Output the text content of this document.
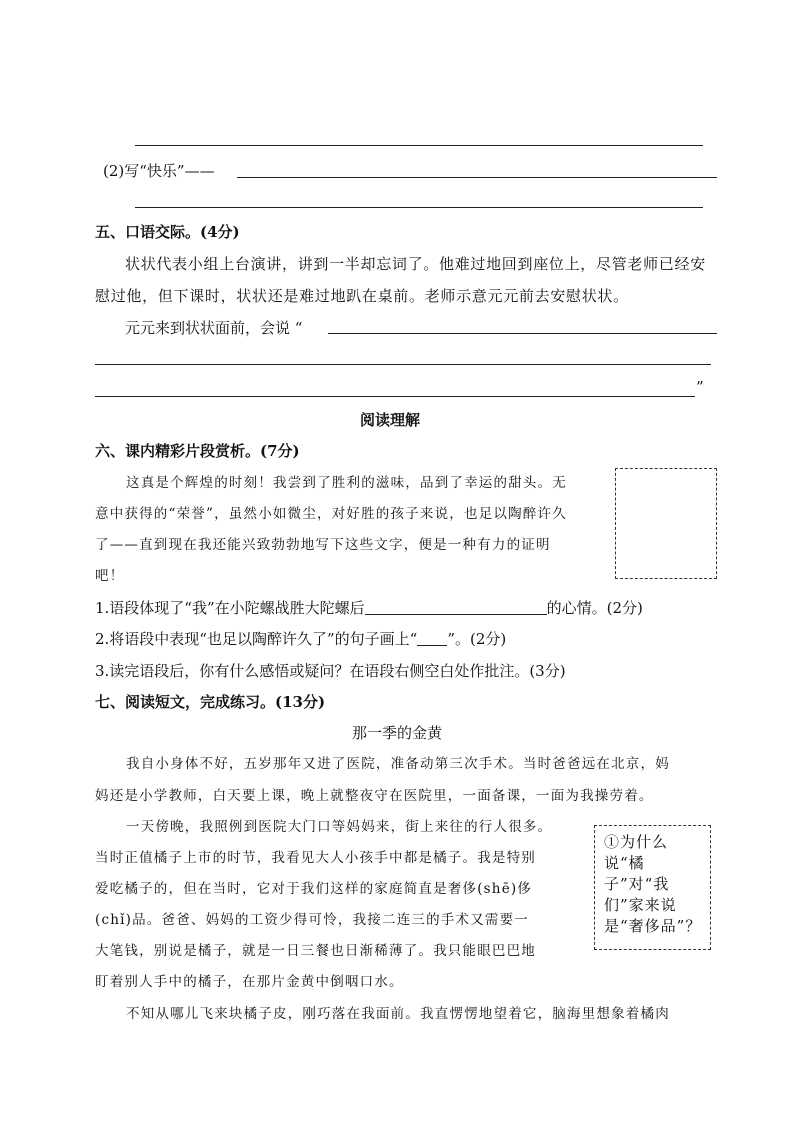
(2)写“快乐”——
五、口语交际。(4分)
状状代表小组上台演讲，讲到一半却忘词了。他难过地回到座位上，尽管老师已经安
慰过他，但下课时，状状还是难过地趴在桌前。老师示意元元前去安慰状状。
元元来到状状面前，会说 “
”
阅读理解
六、课内精彩片段赏析。(7分)
这真是个辉煌的时刻！我尝到了胜利的滋味，品到了幸运的甜头。无
意中获得的“荣誉”，虽然小如微尘，对好胜的孩子来说，也足以陶醉许久
了——直到现在我还能兴致勃勃地写下这些文字，便是一种有力的证明
吧！
1.语段体现了“我”在小陀螺战胜大陀螺后	的心情。(2分)
2.将语段中表现“也足以陶醉许久了”的句子画上“ ”。(2分)
3.读完语段后，你有什么感悟或疑问？在语段右侧空白处作批注。(3分)
七、阅读短文，完成练习。(13分)
那一季的金黄
我自小身体不好，五岁那年又进了医院，准备动第三次手术。当时爸爸远在北京，妈
妈还是小学教师，白天要上课，晚上就整夜守在医院里，一面备课，一面为我操劳着。
一天傍晚，我照例到医院大门口等妈妈来，街上来往的行人很多。
当时正值橘子上市的时节，我看见大人小孩手中都是橘子。我是特别
爱吃橘子的，但在当时，它对于我们这样的家庭简直是奢侈(shē)侈
(chǐ)品。爸爸、妈妈的工资少得可怜，我接二连三的手术又需要一
大笔钱，别说是橘子，就是一日三餐也日渐稀薄了。我只能眼巴巴地
盯着别人手中的橘子，在那片金黄中倒咽口水。
①为什么说“橘子”对“我们”家来说是“奢侈品”？
不知从哪儿飞来块橘子皮，刚巧落在我面前。我直愣愣地望着它，脑海里想象着橘肉
